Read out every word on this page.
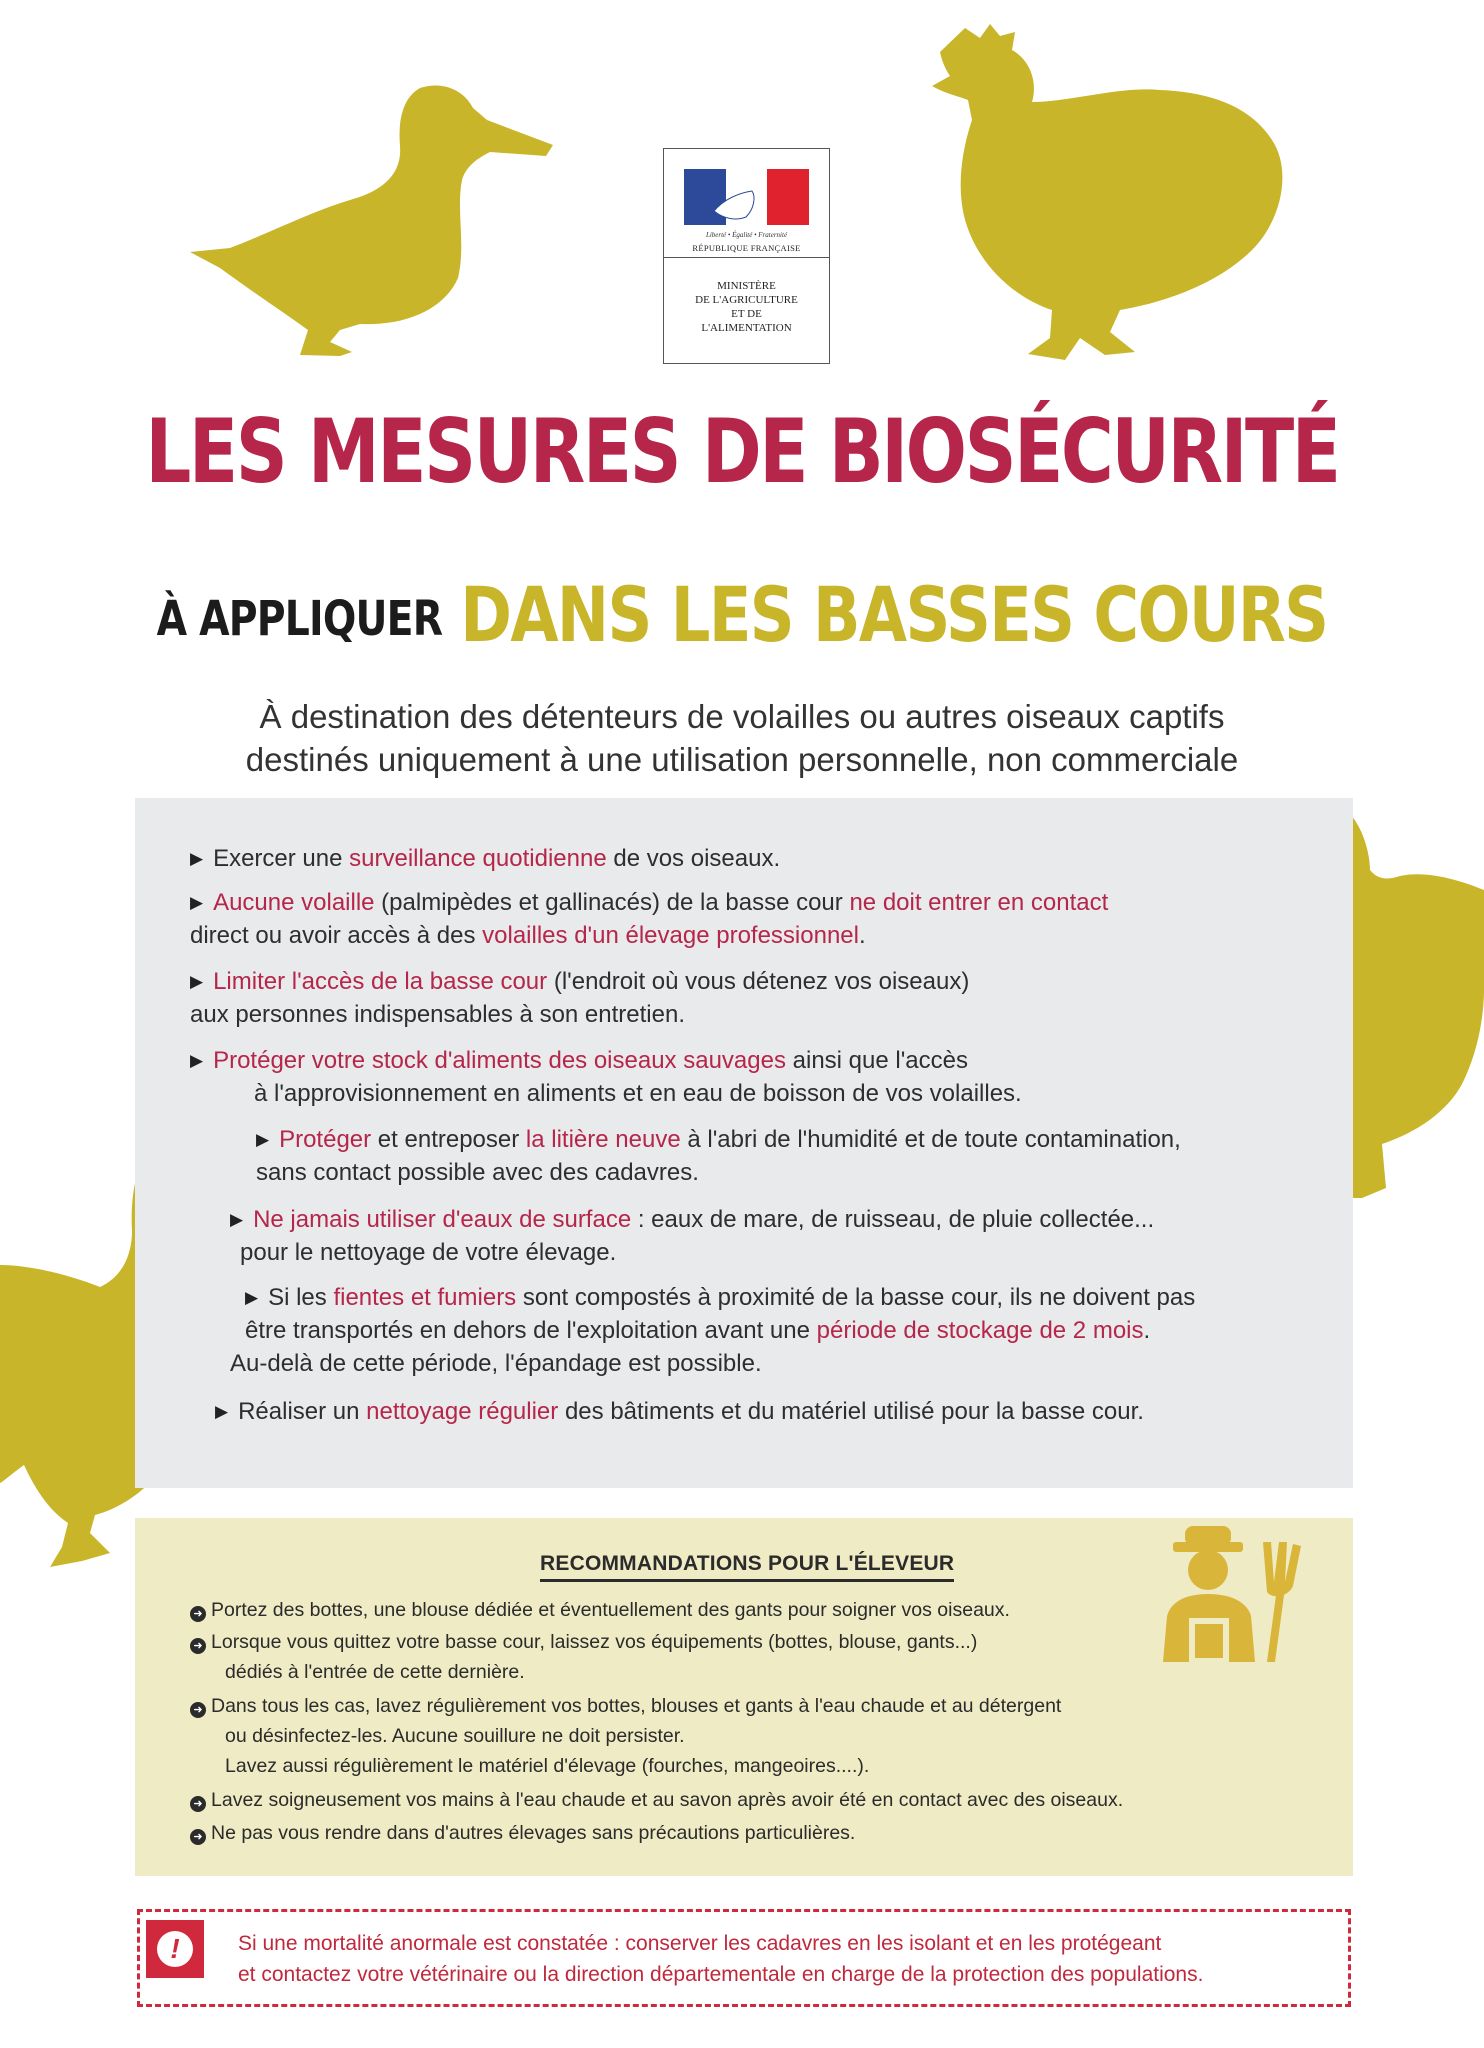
Liberté • Égalité • Fraternité
RÉPUBLIQUE FRANÇAISE
MINISTÈRE
DE L'AGRICULTURE
ET DE
L'ALIMENTATION
LES MESURES DE BIOSÉCURITÉ
À APPLIQUER DANS LES BASSES COURS
À destination des détenteurs de volailles ou autres oiseaux captifs
destinés uniquement à une utilisation personnelle, non commerciale
▶ Exercer une surveillance quotidienne de vos oiseaux.
▶ Aucune volaille (palmipèdes et gallinacés) de la basse cour ne doit entrer en contact
direct ou avoir accès à des volailles d'un élevage professionnel.
▶ Limiter l'accès de la basse cour (l'endroit où vous détenez vos oiseaux)
aux personnes indispensables à son entretien.
▶ Protéger votre stock d'aliments des oiseaux sauvages ainsi que l'accès
à l'approvisionnement en aliments et en eau de boisson de vos volailles.
▶ Protéger et entreposer la litière neuve à l'abri de l'humidité et de toute contamination,
sans contact possible avec des cadavres.
▶ Ne jamais utiliser d'eaux de surface : eaux de mare, de ruisseau, de pluie collectée...
pour le nettoyage de votre élevage.
▶ Si les fientes et fumiers sont compostés à proximité de la basse cour, ils ne doivent pas
être transportés en dehors de l'exploitation avant une période de stockage de 2 mois.
Au-delà de cette période, l'épandage est possible.
▶ Réaliser un nettoyage régulier des bâtiments et du matériel utilisé pour la basse cour.
RECOMMANDATIONS POUR L'ÉLEVEUR
➜ Portez des bottes, une blouse dédiée et éventuellement des gants pour soigner vos oiseaux.
➜ Lorsque vous quittez votre basse cour, laissez vos équipements (bottes, blouse, gants...)
dédiés à l'entrée de cette dernière.
➜ Dans tous les cas, lavez régulièrement vos bottes, blouses et gants à l'eau chaude et au détergent
ou désinfectez-les. Aucune souillure ne doit persister.
Lavez aussi régulièrement le matériel d'élevage (fourches, mangeoires....).
➜ Lavez soigneusement vos mains à l'eau chaude et au savon après avoir été en contact avec des oiseaux.
➜ Ne pas vous rendre dans d'autres élevages sans précautions particulières.
!	Si une mortalité anormale est constatée : conserver les cadavres en les isolant et en les protégeant
et contactez votre vétérinaire ou la direction départementale en charge de la protection des populations.
